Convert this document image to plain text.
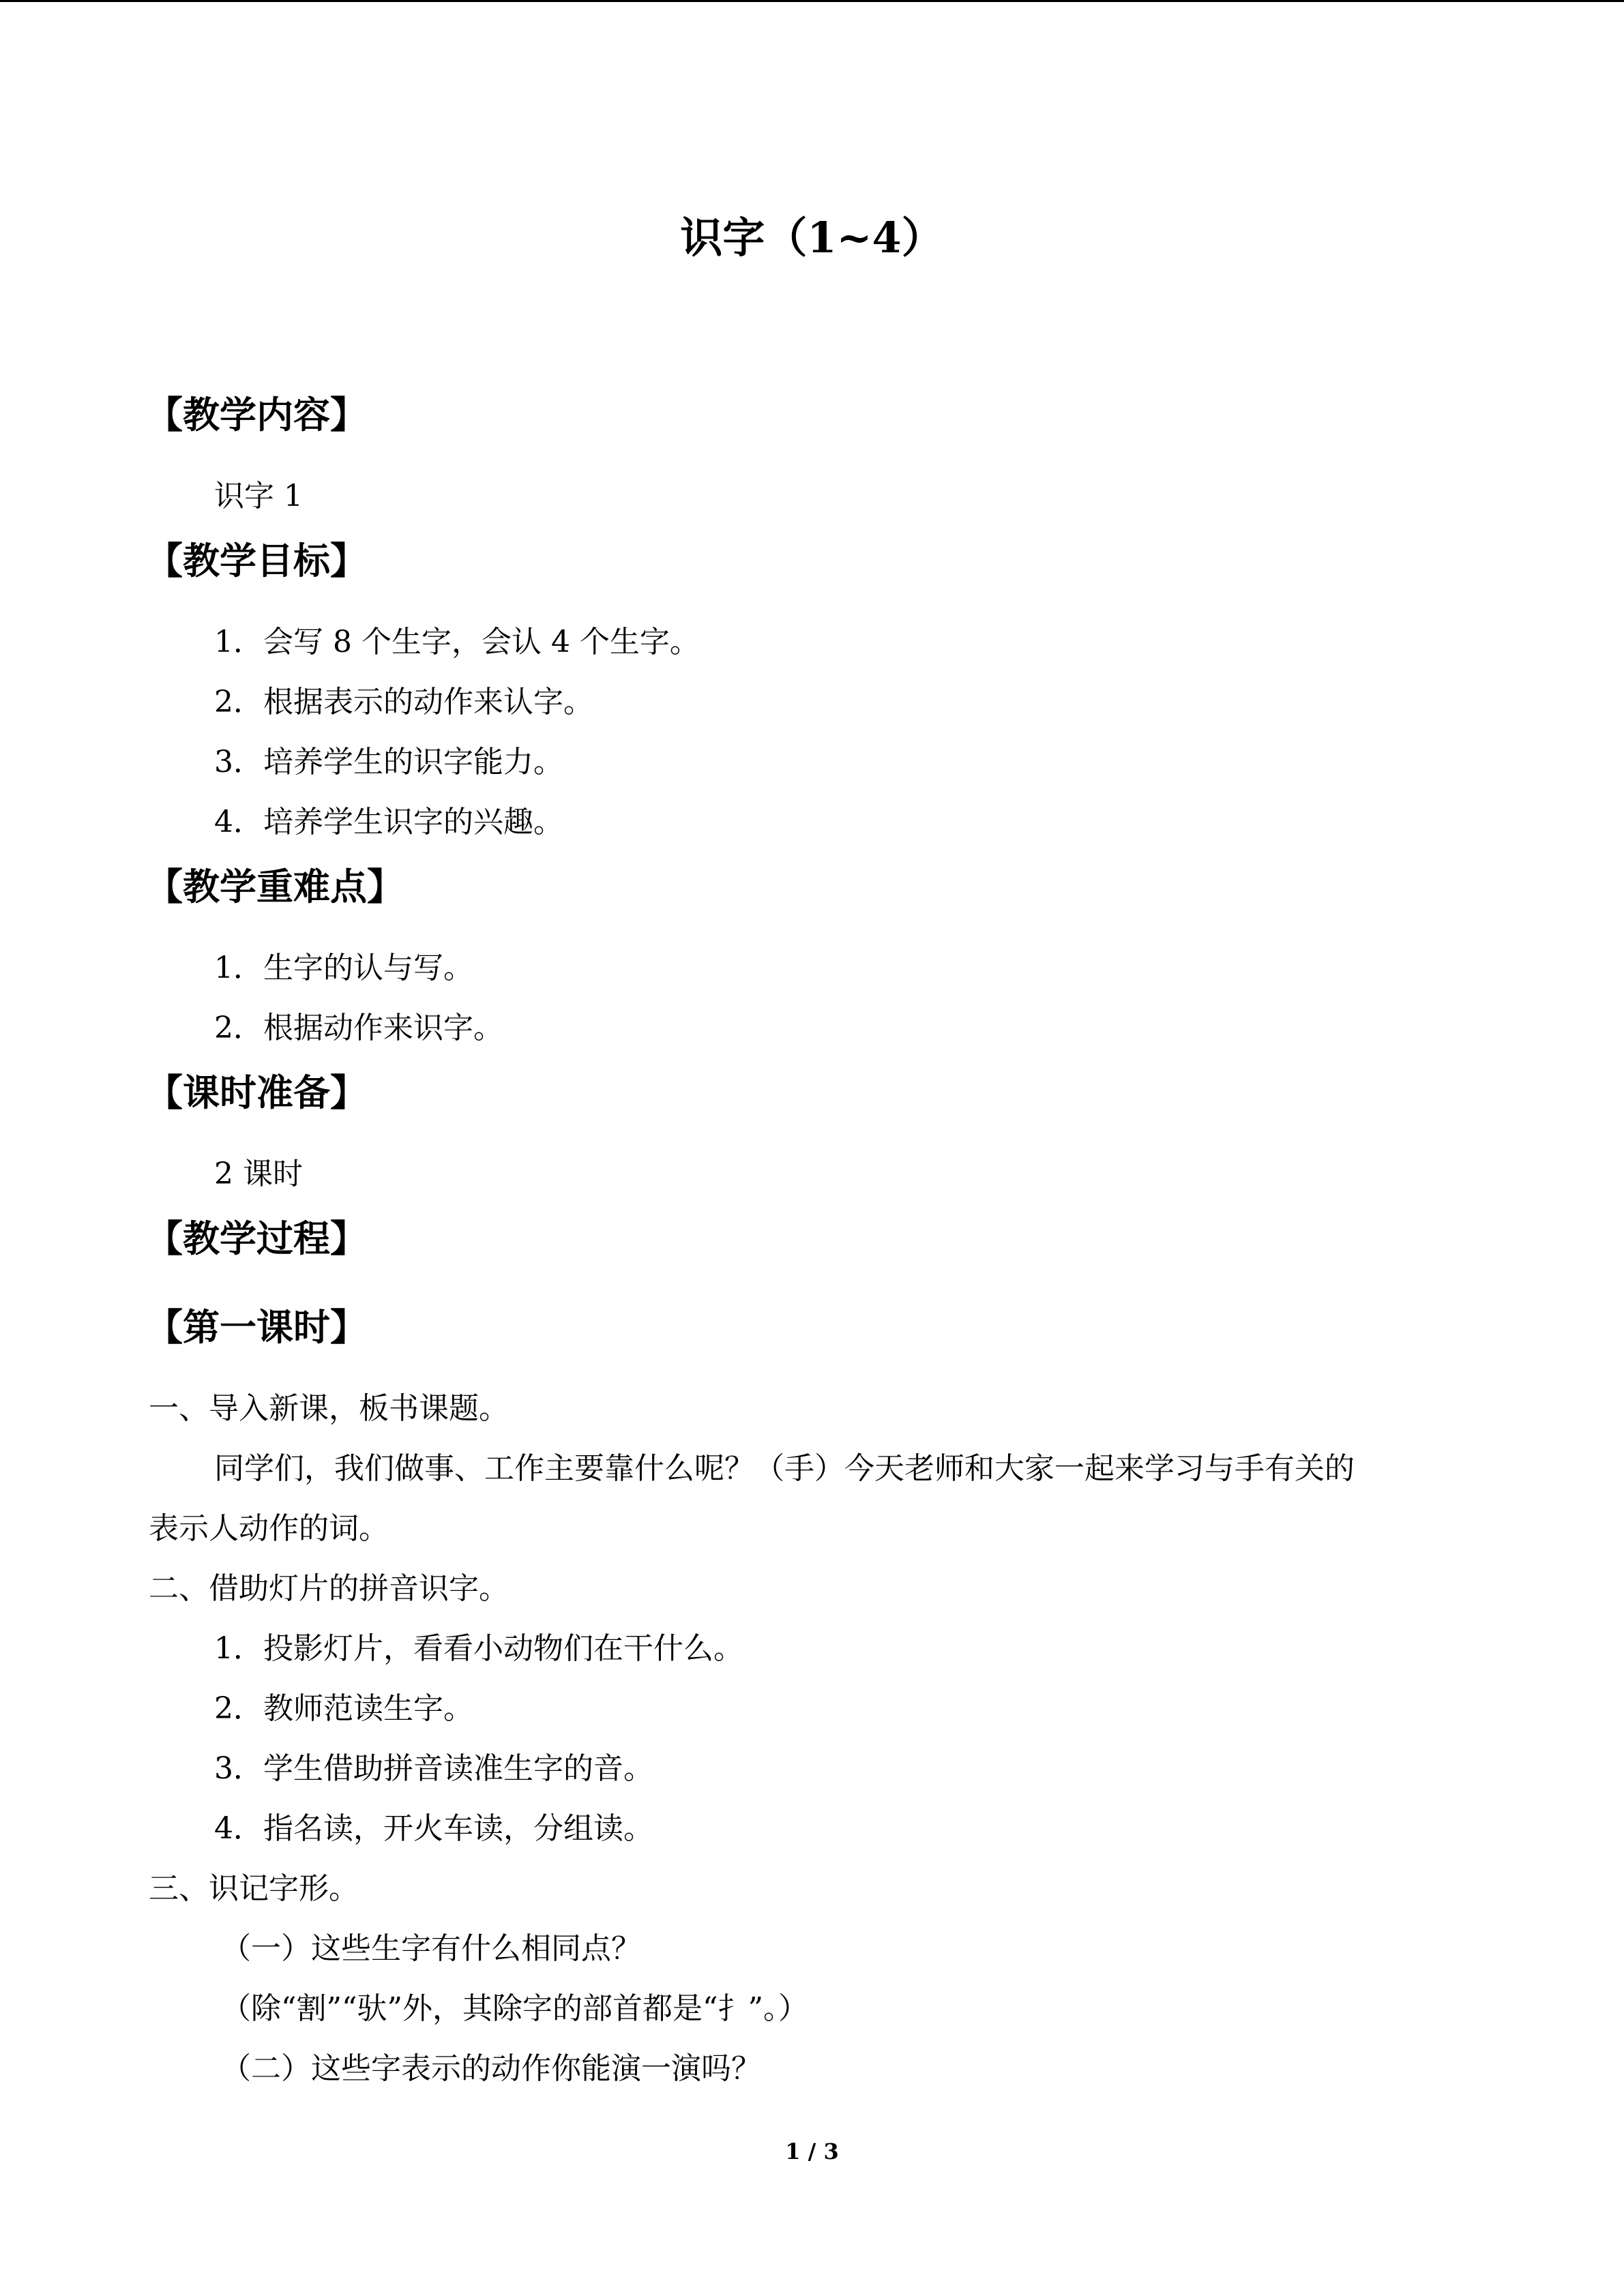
识字（1~4）

【教学内容】

识字 1

【教学目标】

1．会写 8 个生字，会认 4 个生字。

2．根据表示的动作来认字。

3．培养学生的识字能力。

4．培养学生识字的兴趣。

【教学重难点】

1．生字的认与写。

2．根据动作来识字。

【课时准备】

2 课时

【教学过程】

【第一课时】

一、导入新课，板书课题。

同学们，我们做事、工作主要靠什么呢？（手）今天老师和大家一起来学习与手有关的

表示人动作的词。

二、借助灯片的拼音识字。

1．投影灯片，看看小动物们在干什么。

2．教师范读生字。

3．学生借助拼音读准生字的音。

4．指名读，开火车读，分组读。

三、识记字形。

（一）这些生字有什么相同点？

（除“割”“驮”外，其除字的部首都是“扌”。）

（二）这些字表示的动作你能演一演吗？

1 / 3
